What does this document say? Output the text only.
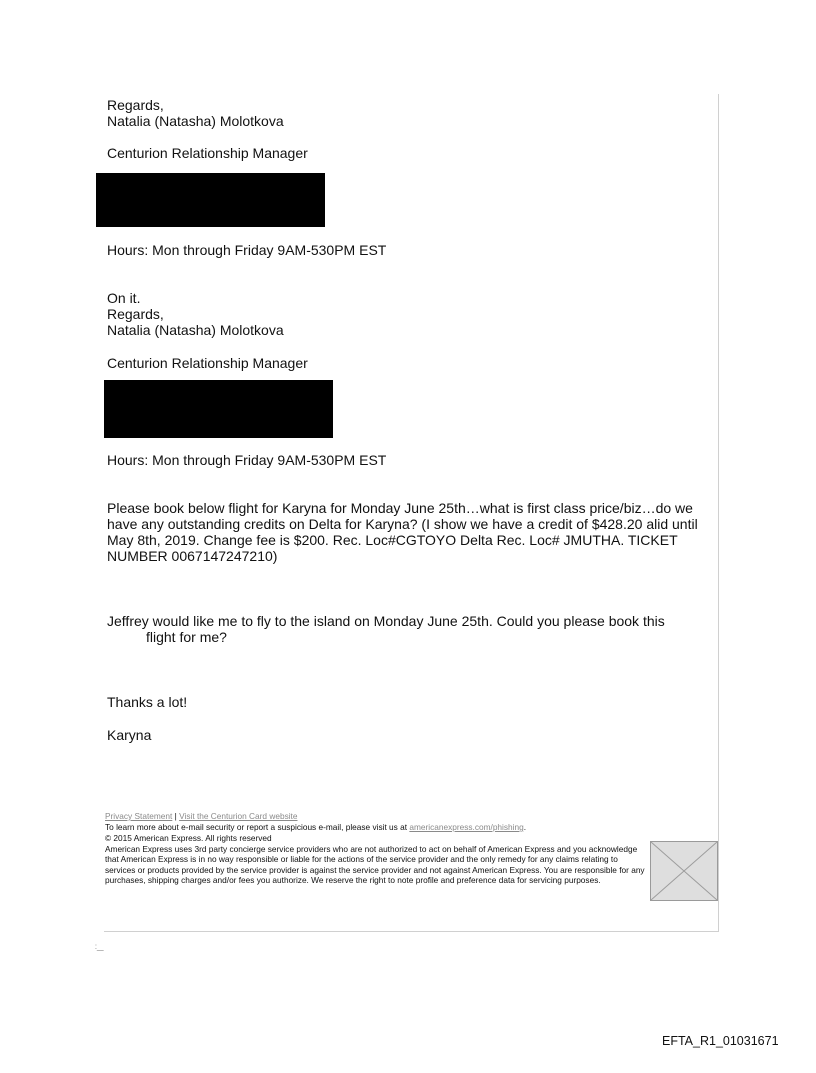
Regards,
Natalia (Natasha) Molotkova
Centurion Relationship Manager
Hours: Mon through Friday 9AM-530PM EST
On it.
Regards,
Natalia (Natasha) Molotkova
Centurion Relationship Manager
Hours: Mon through Friday 9AM-530PM EST
Please book below flight for Karyna for Monday June 25th…what is first class price/biz…do we have any outstanding credits on Delta for Karyna? (I show we have a credit of $428.20 alid until May 8th, 2019. Change fee is $200. Rec. Loc#CGTOYO Delta Rec. Loc# JMUTHA. TICKET NUMBER 0067147247210)
Jeffrey would like me to fly to the island on Monday June 25th. Could you please book this
flight for me?
Thanks a lot!
Karyna
Privacy Statement | Visit the Centurion Card website
To learn more about e-mail security or report a suspicious e-mail, please visit us at americanexpress.com/phishing.
© 2015 American Express. All rights reserved
American Express uses 3rd party concierge service providers who are not authorized to act on behalf of American Express and you acknowledge that American Express is in no way responsible or liable for the actions of the service provider and the only remedy for any claims relating to services or products provided by the service provider is against the service provider and not against American Express. You are responsible for any purchases, shipping charges and/or fees you authorize. We reserve the right to note profile and preference data for servicing purposes.
⁚__
EFTA_R1_01031671
